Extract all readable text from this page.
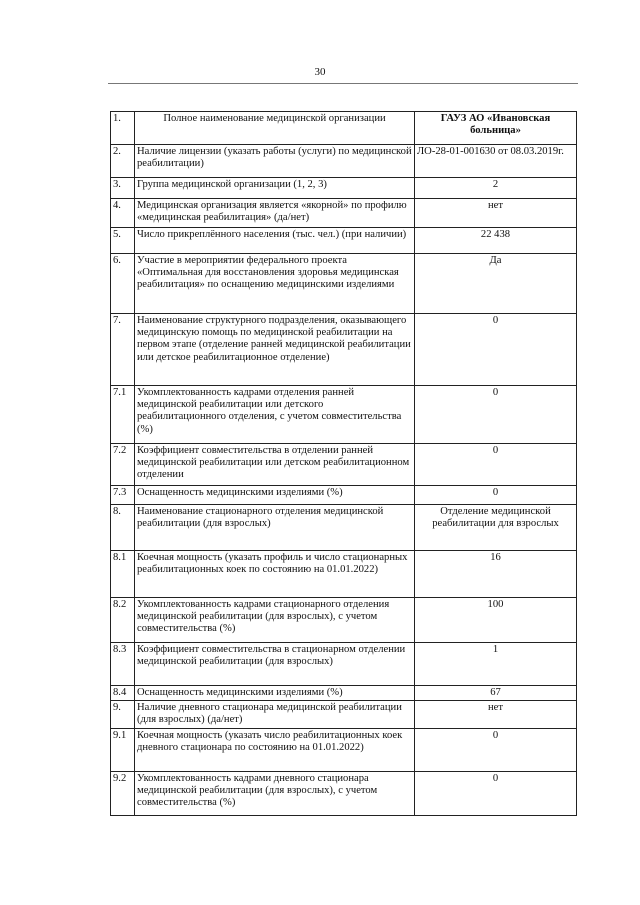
30
1.	Полное наименование медицинской организации	ГАУЗ АО «Ивановская больница»
2.	Наличие лицензии (указать работы (услуги) по медицинской реабилитации)	ЛО-28-01-001630 от 08.03.2019г.
3.	Группа медицинской организации (1, 2, 3)	2
4.	Медицинская организация является «якорной» по профилю «медицинская реабилитация» (да/нет)	нет
5.	Число прикреплённого населения (тыс. чел.) (при наличии)	22 438
6.	Участие в мероприятии федерального проекта «Оптимальная для восстановления здоровья медицинская реабилитация» по оснащению медицинскими изделиями	Да
7.	Наименование структурного подразделения, оказывающего медицинскую помощь по медицинской реабилитации на первом этапе (отделение ранней медицинской реабилитации или детское реабилитационное отделение)	0
7.1	Укомплектованность кадрами отделения ранней медицинской реабилитации или детского реабилитационного отделения, с учетом совместительства (%)	0
7.2	Коэффициент совместительства в отделении ранней медицинской реабилитации или детском реабилитационном отделении	0
7.3	Оснащенность медицинскими изделиями (%)	0
8.	Наименование стационарного отделения медицинской реабилитации (для взрослых)	Отделение медицинской реабилитации для взрослых
8.1	Коечная мощность (указать профиль и число стационарных реабилитационных коек по состоянию на 01.01.2022)	16
8.2	Укомплектованность кадрами стационарного отделения медицинской реабилитации (для взрослых), с учетом совместительства (%)	100
8.3	Коэффициент совместительства в стационарном отделении медицинской реабилитации (для взрослых)	1
8.4	Оснащенность медицинскими изделиями (%)	67
9.	Наличие дневного стационара медицинской реабилитации (для взрослых) (да/нет)	нет
9.1	Коечная мощность (указать число реабилитационных коек дневного стационара по состоянию на 01.01.2022)	0
9.2	Укомплектованность кадрами дневного стационара медицинской реабилитации (для взрослых), с учетом совместительства (%)	0
